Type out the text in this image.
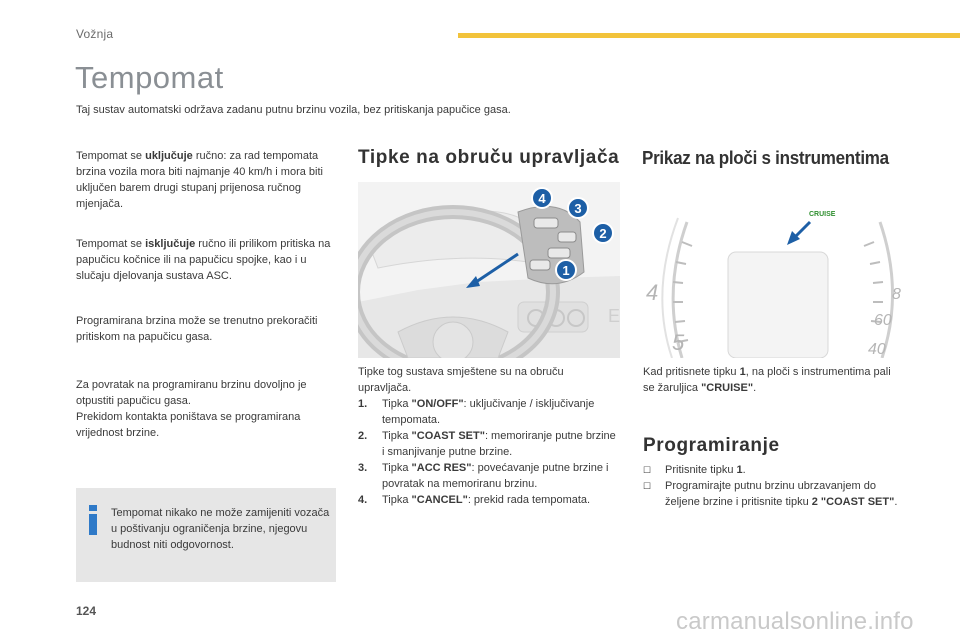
Vožnja
Tempomat
Taj sustav automatski održava zadanu putnu brzinu vozila, bez pritiskanja papučice gasa.
Tempomat se uključuje ručno: za rad tempomata brzina vozila mora biti najmanje 40 km/h i mora biti uključen barem drugi stupanj prijenosa ručnog mjenjača.
Tempomat se isključuje ručno ili prilikom pritiska na papučicu kočnice ili na papučicu spojke, kao i u slučaju djelovanja sustava ASC.
Programirana brzina može se trenutno prekoračiti pritiskom na papučicu gasa.
Za povratak na programiranu brzinu dovoljno je otpustiti papučicu gasa.
Prekidom kontakta poništava se programirana vrijednost brzine.
Tempomat nikako ne može zamijeniti vozača u poštivanju ograničenja brzine, njegovu budnost niti odgovornost.
Tipke na obruču upravljača
E
4
3
2
1
Tipke tog sustava smještene su na obruču upravljača.
1.	Tipka "ON/OFF": uključivanje / isključivanje tempomata.
2.	Tipka "COAST SET": memoriranje putne brzine i smanjivanje putne brzine.
3.	Tipka "ACC RES": povećavanje putne brzine i povratak na memoriranu brzinu.
4.	Tipka "CANCEL": prekid rada tempomata.
Prikaz na ploči s instrumentima
4
5
8
60
40
CRUISE
Kad pritisnete tipku 1, na ploči s instrumentima pali se žaruljica "CRUISE".
Programiranje
☐	Pritisnite tipku 1.
☐	Programirajte putnu brzinu ubrzavanjem do željene brzine i pritisnite tipku 2 "COAST SET".
124	carmanualsonline.info
